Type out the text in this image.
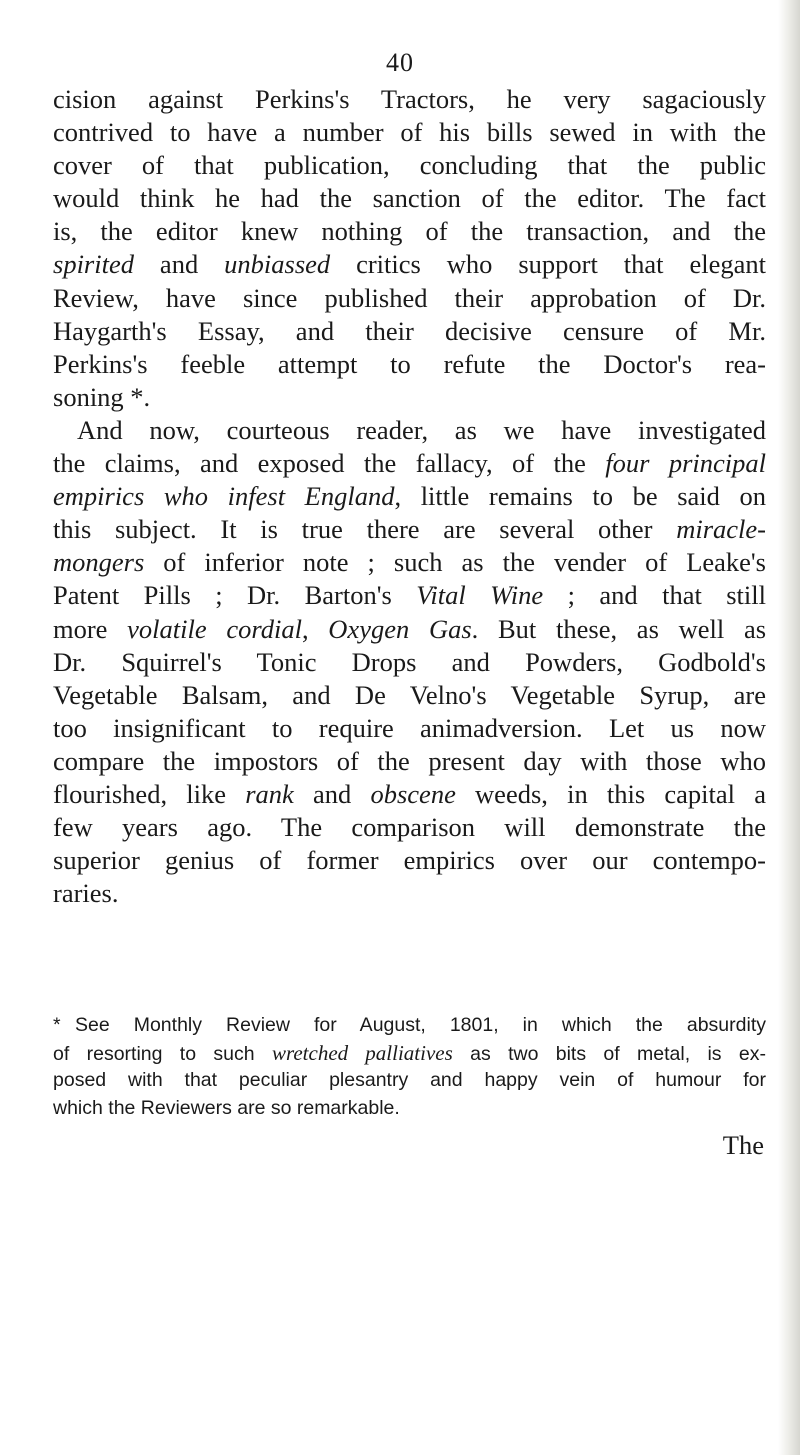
40
cision against Perkins's Tractors, he very sagaciously
contrived to have a number of his bills sewed in with the
cover of that publication, concluding that the public
would think he had the sanction of the editor. The fact
is, the editor knew nothing of the transaction, and the
spirited and unbiassed critics who support that elegant
Review, have since published their approbation of Dr.
Haygarth's Essay, and their decisive censure of Mr.
Perkins's feeble attempt to refute the Doctor's rea-
soning *.
And now, courteous reader, as we have investigated
the claims, and exposed the fallacy, of the four principal
empirics who infest England, little remains to be said on
this subject. It is true there are several other miracle-
mongers of inferior note ; such as the vender of Leake's
Patent Pills ; Dr. Barton's Vital Wine ; and that still
more volatile cordial, Oxygen Gas. But these, as well as
Dr. Squirrel's Tonic Drops and Powders, Godbold's
Vegetable Balsam, and De Velno's Vegetable Syrup, are
too insignificant to require animadversion. Let us now
compare the impostors of the present day with those who
flourished, like rank and obscene weeds, in this capital a
few years ago. The comparison will demonstrate the
superior genius of former empirics over our contempo-
raries.
* See Monthly Review for August, 1801, in which the absurdity
of resorting to such wretched palliatives as two bits of metal, is ex-
posed with that peculiar plesantry and happy vein of humour for
which the Reviewers are so remarkable.
The
